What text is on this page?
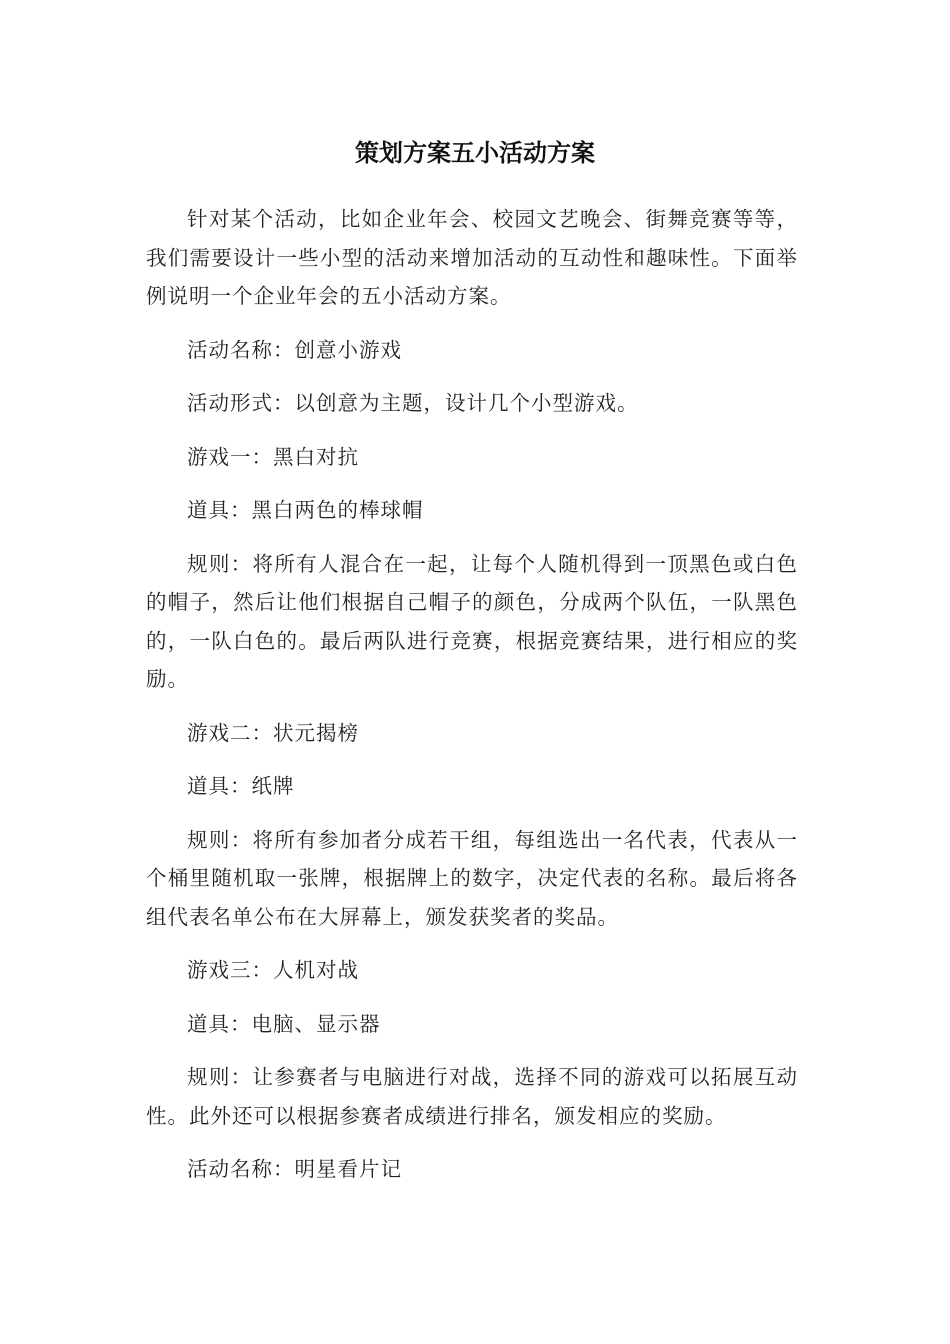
策划方案五小活动方案

针对某个活动，比如企业年会、校园文艺晚会、街舞竞赛等等，我们需要设计一些小型的活动来增加活动的互动性和趣味性。下面举例说明一个企业年会的五小活动方案。

活动名称：创意小游戏

活动形式：以创意为主题，设计几个小型游戏。

游戏一：黑白对抗

道具：黑白两色的棒球帽

规则：将所有人混合在一起，让每个人随机得到一顶黑色或白色的帽子，然后让他们根据自己帽子的颜色，分成两个队伍，一队黑色的，一队白色的。最后两队进行竞赛，根据竞赛结果，进行相应的奖励。

游戏二：状元揭榜

道具：纸牌

规则：将所有参加者分成若干组，每组选出一名代表，代表从一个桶里随机取一张牌，根据牌上的数字，决定代表的名称。最后将各组代表名单公布在大屏幕上，颁发获奖者的奖品。

游戏三：人机对战

道具：电脑、显示器

规则：让参赛者与电脑进行对战，选择不同的游戏可以拓展互动性。此外还可以根据参赛者成绩进行排名，颁发相应的奖励。

活动名称：明星看片记
